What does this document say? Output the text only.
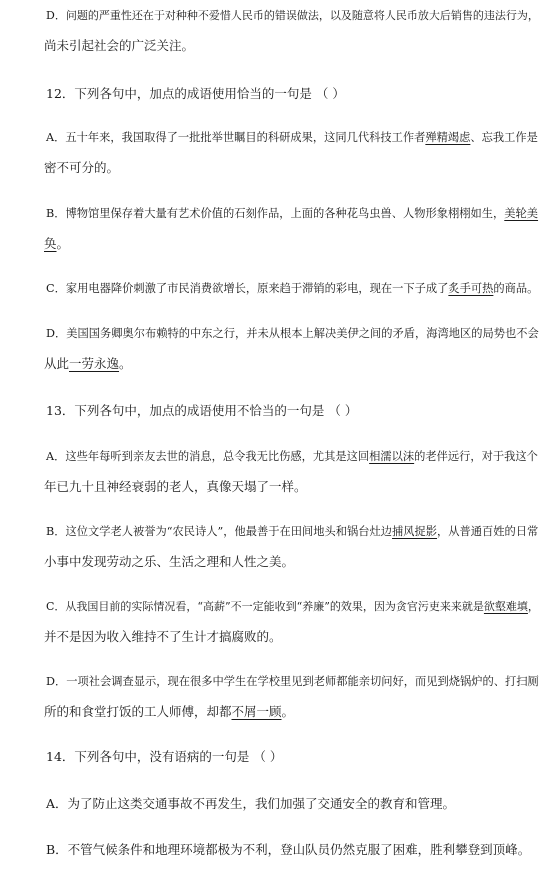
D．问题的严重性还在于对种种不爱惜人民币的错误做法，以及随意将人民币放大后销售的违法行为，
尚未引起社会的广泛关注。
12．下列各句中，加点的成语使用恰当的一句是 （ ）
A．五十年来，我国取得了一批批举世瞩目的科研成果，这同几代科技工作者殚精竭虑、忘我工作是
密不可分的。
B．博物馆里保存着大量有艺术价值的石刻作品，上面的各种花鸟虫兽、人物形象栩栩如生，美轮美
奂。
C．家用电器降价刺激了市民消费欲增长，原来趋于滞销的彩电，现在一下子成了炙手可热的商品。
D．美国国务卿奥尔布赖特的中东之行，并未从根本上解决美伊之间的矛盾，海湾地区的局势也不会
从此一劳永逸。
13．下列各句中，加点的成语使用不恰当的一句是 （ ）
A．这些年每听到亲友去世的消息，总令我无比伤感，尤其是这回相濡以沫的老伴远行，对于我这个
年已九十且神经衰弱的老人，真像天塌了一样。
B．这位文学老人被誉为“农民诗人”，他最善于在田间地头和锅台灶边捕风捉影，从普通百姓的日常
小事中发现劳动之乐、生活之理和人性之美。
C．从我国目前的实际情况看，“高薪”不一定能收到“养廉”的效果，因为贪官污吏来来就是欲壑难填，
并不是因为收入维持不了生计才搞腐败的。
D．一项社会调查显示，现在很多中学生在学校里见到老师都能亲切问好，而见到烧锅炉的、打扫厕
所的和食堂打饭的工人师傅，却都不屑一顾。
14．下列各句中，没有语病的一句是 （ ）
A．为了防止这类交通事故不再发生，我们加强了交通安全的教育和管理。
B．不管气候条件和地理环境都极为不利，登山队员仍然克服了困难，胜利攀登到顶峰。
